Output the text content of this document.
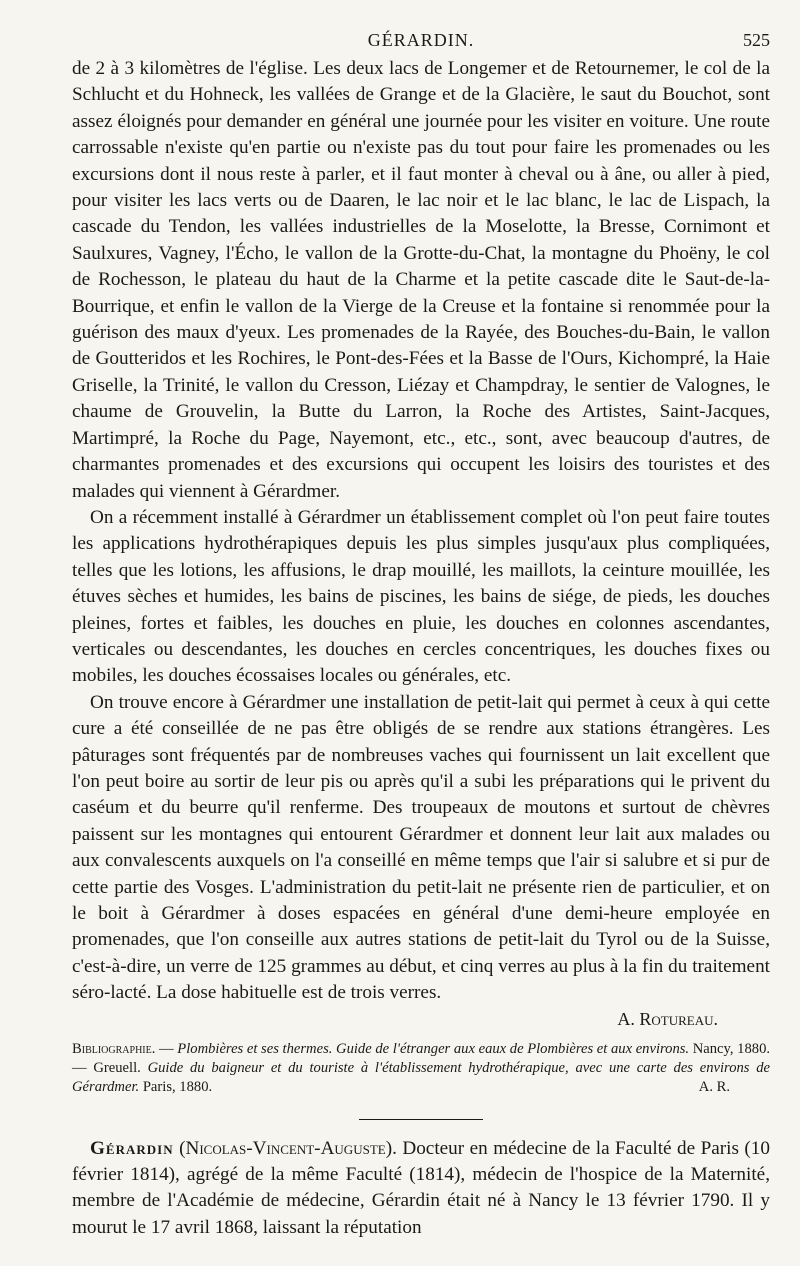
GÉRARDIN.	525

de 2 à 3 kilomètres de l'église. Les deux lacs de Longemer et de Retournemer, le col de la Schlucht et du Hohneck, les vallées de Grange et de la Glacière, le saut du Bouchot, sont assez éloignés pour demander en général une journée pour les visiter en voiture. Une route carrossable n'existe qu'en partie ou n'existe pas du tout pour faire les promenades ou les excursions dont il nous reste à parler, et il faut monter à cheval ou à âne, ou aller à pied, pour visiter les lacs verts ou de Daaren, le lac noir et le lac blanc, le lac de Lispach, la cascade du Tendon, les vallées industrielles de la Moselotte, la Bresse, Cornimont et Saulxures, Vagney, l'Écho, le vallon de la Grotte-du-Chat, la montagne du Phoëny, le col de Rochesson, le plateau du haut de la Charme et la petite cascade dite le Saut-de-la-Bourrique, et enfin le vallon de la Vierge de la Creuse et la fontaine si renommée pour la guérison des maux d'yeux. Les promenades de la Rayée, des Bouches-du-Bain, le vallon de Goutteridos et les Rochires, le Pont-des-Fées et la Basse de l'Ours, Kichompré, la Haie Griselle, la Trinité, le vallon du Cresson, Liézay et Champdray, le sentier de Valognes, le chaume de Grouvelin, la Butte du Larron, la Roche des Artistes, Saint-Jacques, Martimpré, la Roche du Page, Nayemont, etc., etc., sont, avec beaucoup d'autres, de charmantes promenades et des excursions qui occupent les loisirs des touristes et des malades qui viennent à Gérardmer.

On a récemment installé à Gérardmer un établissement complet où l'on peut faire toutes les applications hydrothérapiques depuis les plus simples jusqu'aux plus compliquées, telles que les lotions, les affusions, le drap mouillé, les maillots, la ceinture mouillée, les étuves sèches et humides, les bains de piscines, les bains de siége, de pieds, les douches pleines, fortes et faibles, les douches en pluie, les douches en colonnes ascendantes, verticales ou descendantes, les douches en cercles concentriques, les douches fixes ou mobiles, les douches écossaises locales ou générales, etc.

On trouve encore à Gérardmer une installation de petit-lait qui permet à ceux à qui cette cure a été conseillée de ne pas être obligés de se rendre aux stations étrangères. Les pâturages sont fréquentés par de nombreuses vaches qui fournissent un lait excellent que l'on peut boire au sortir de leur pis ou après qu'il a subi les préparations qui le privent du caséum et du beurre qu'il renferme. Des troupeaux de moutons et surtout de chèvres paissent sur les montagnes qui entourent Gérardmer et donnent leur lait aux malades ou aux convalescents auxquels on l'a conseillé en même temps que l'air si salubre et si pur de cette partie des Vosges. L'administration du petit-lait ne présente rien de particulier, et on le boit à Gérardmer à doses espacées en général d'une demi-heure employée en promenades, que l'on conseille aux autres stations de petit-lait du Tyrol ou de la Suisse, c'est-à-dire, un verre de 125 grammes au début, et cinq verres au plus à la fin du traitement séro-lacté. La dose habituelle est de trois verres.

A. Rotureau.
Bibliographie. — Plombières et ses thermes. Guide de l'étranger aux eaux de Plombières et aux environs. Nancy, 1880. — Greuell. Guide du baigneur et du touriste à l'établissement hydrothérapique, avec une carte des environs de Gérardmer. Paris, 1880.	A. R.
Gérardin (Nicolas-Vincent-Auguste). Docteur en médecine de la Faculté de Paris (10 février 1814), agrégé de la même Faculté (1814), médecin de l'hospice de la Maternité, membre de l'Académie de médecine, Gérardin était né à Nancy le 13 février 1790. Il y mourut le 17 avril 1868, laissant la réputation
